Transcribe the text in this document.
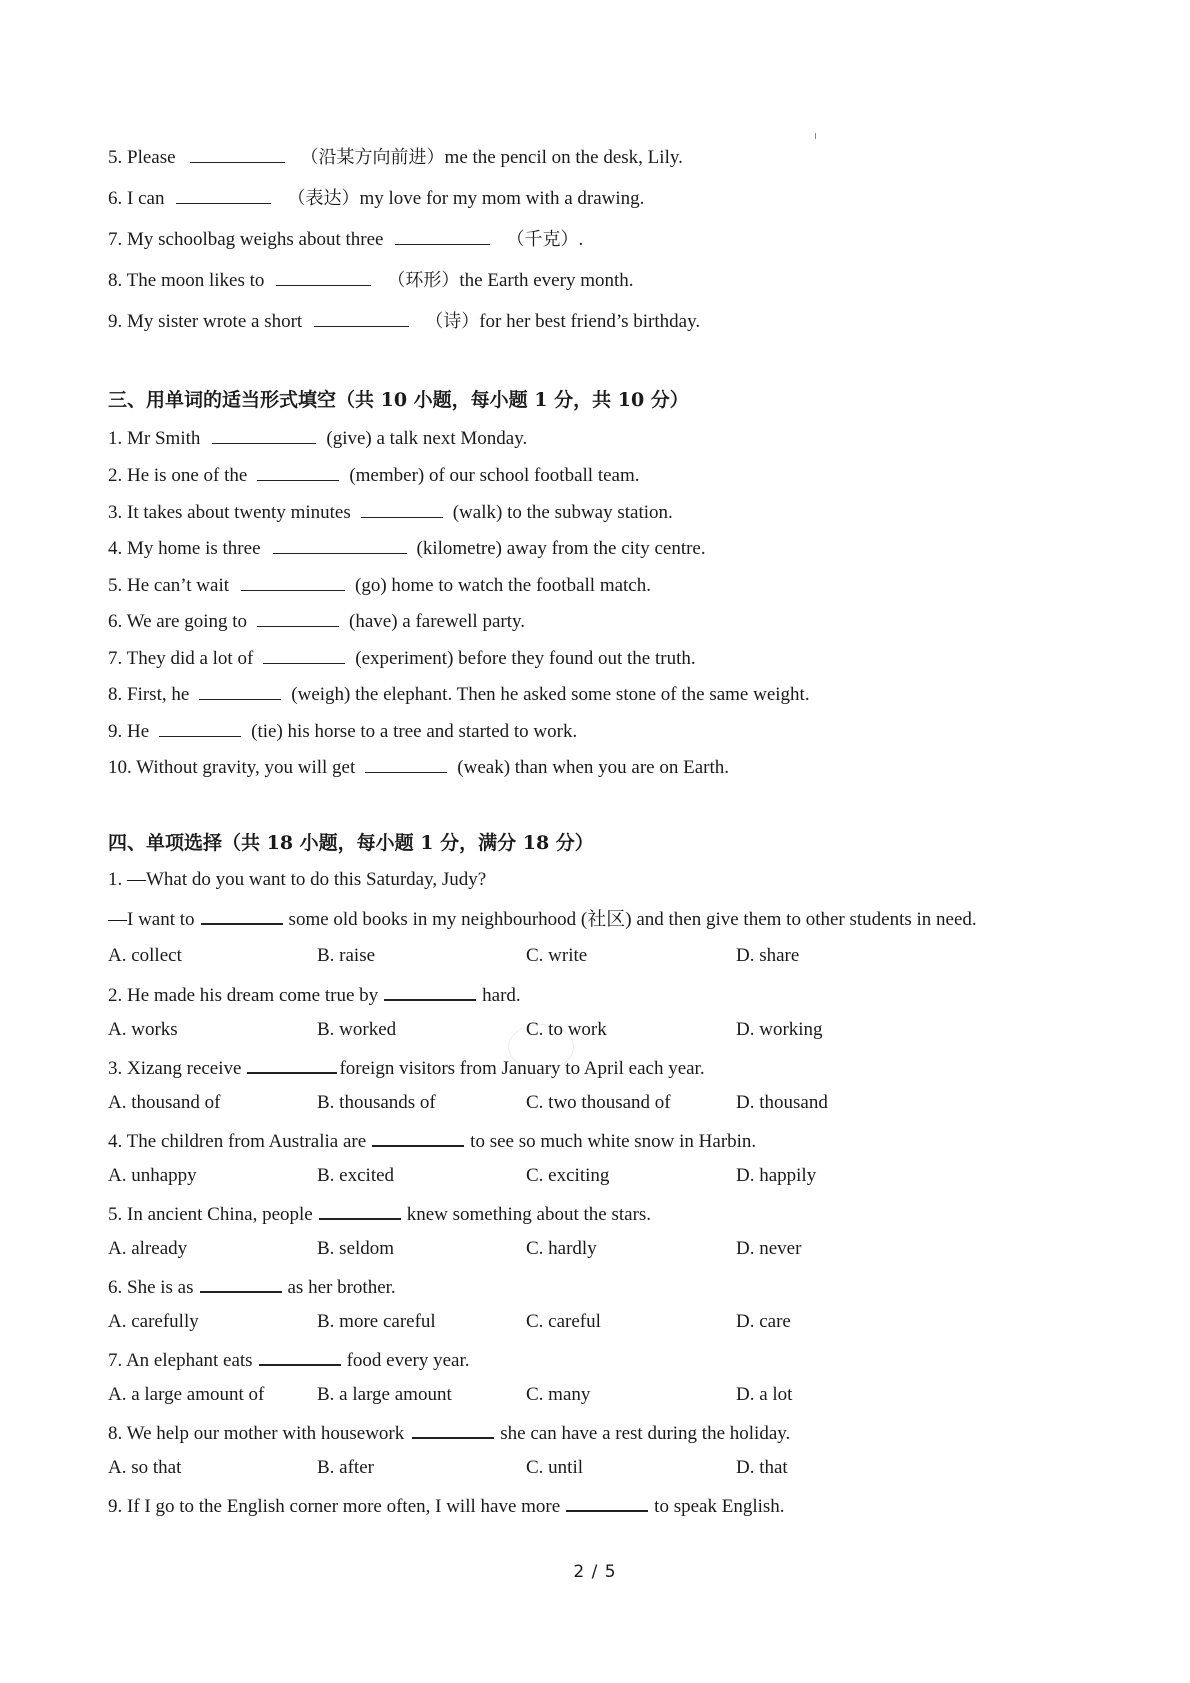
5. Please	（沿某方向前进）me the pencil on the desk, Lily.
6. I can	（表达）my love for my mom with a drawing.
7. My schoolbag weighs about three	（千克）.
8. The moon likes to	（环形）the Earth every month.
9. My sister wrote a short	（诗）for her best friend’s birthday.
三、用单词的适当形式填空（共 10 小题，每小题 1 分，共 10 分）
1. Mr Smith	(give) a talk next Monday.
2. He is one of the	(member) of our school football team.
3. It takes about twenty minutes	(walk) to the subway station.
4. My home is three	(kilometre) away from the city centre.
5. He can’t wait	(go) home to watch the football match.
6. We are going to	(have) a farewell party.
7. They did a lot of	(experiment) before they found out the truth.
8. First, he	(weigh) the elephant. Then he asked some stone of the same weight.
9. He	(tie) his horse to a tree and started to work.
10. Without gravity, you will get	(weak) than when you are on Earth.
四、单项选择（共 18 小题，每小题 1 分，满分 18 分）
1. —What do you want to do this Saturday, Judy?
—I want to	some old books in my neighbourhood (社区) and then give them to other students in need.
A. collect	B. raise	C. write	D. share
2. He made his dream come true by	hard.
A. works	B. worked	C. to work	D. working
3. Xizang receive	foreign visitors from January to April each year.
A. thousand of	B. thousands of	C. two thousand of	D. thousand
4. The children from Australia are	to see so much white snow in Harbin.
A. unhappy	B. excited	C. exciting	D. happily
5. In ancient China, people	knew something about the stars.
A. already	B. seldom	C. hardly	D. never
6. She is as	as her brother.
A. carefully	B. more careful	C. careful	D. care
7. An elephant eats	food every year.
A. a large amount of	B. a large amount	C. many	D. a lot
8. We help our mother with housework	she can have a rest during the holiday.
A. so that	B. after	C. until	D. that
9. If I go to the English corner more often, I will have more	to speak English.
2 / 5
